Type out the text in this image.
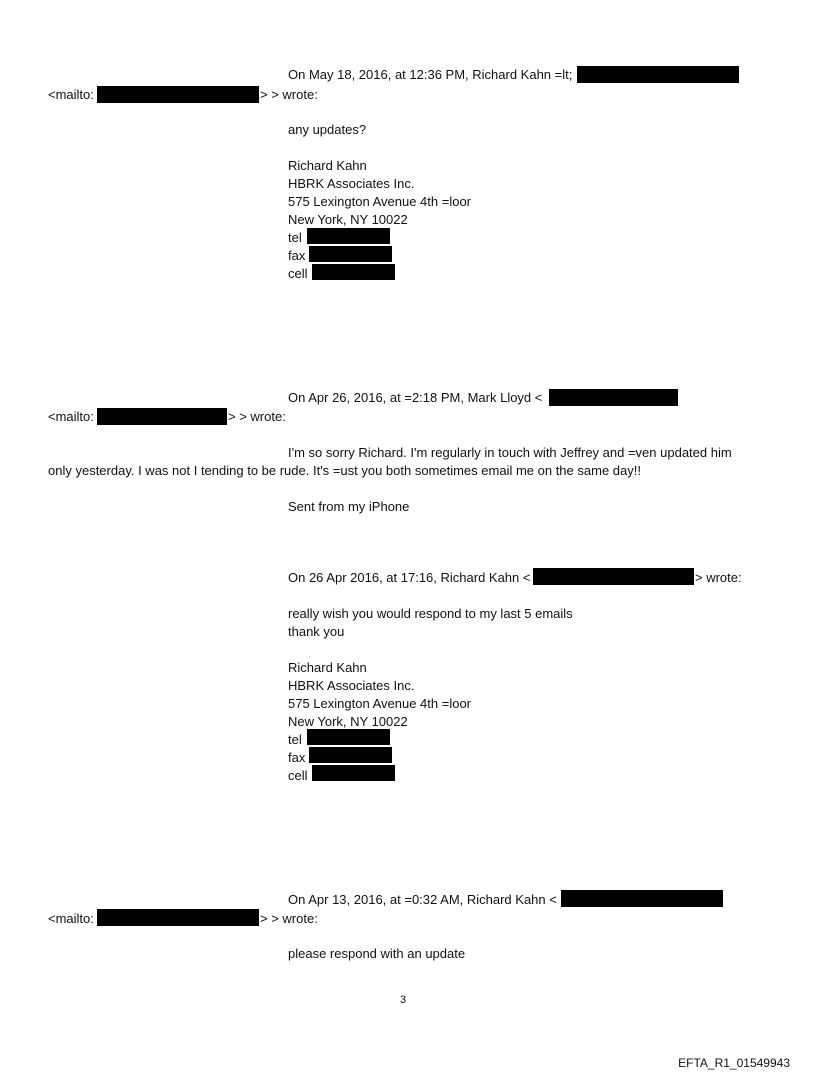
On May 18, 2016, at 12:36 PM, Richard Kahn =lt;
<mailto:	> > wrote:
any updates?
Richard Kahn
HBRK Associates Inc.
575 Lexington Avenue 4th =loor
New York, NY 10022
tel
fax
cell
On Apr 26, 2016, at =2:18 PM, Mark Lloyd <
<mailto:	> > wrote:
I'm so sorry Richard. I'm regularly in touch with Jeffrey and =ven updated him
only yesterday. I was not I tending to be rude. It's =ust you both sometimes email me on the same day!!
Sent from my iPhone
On 26 Apr 2016, at 17:16, Richard Kahn <	> wrote:
really wish you would respond to my last 5 emails
thank you
Richard Kahn
HBRK Associates Inc.
575 Lexington Avenue 4th =loor
New York, NY 10022
tel
fax
cell
On Apr 13, 2016, at =0:32 AM, Richard Kahn <
<mailto:	> > wrote:
please respond with an update
3
EFTA_R1_01549943
